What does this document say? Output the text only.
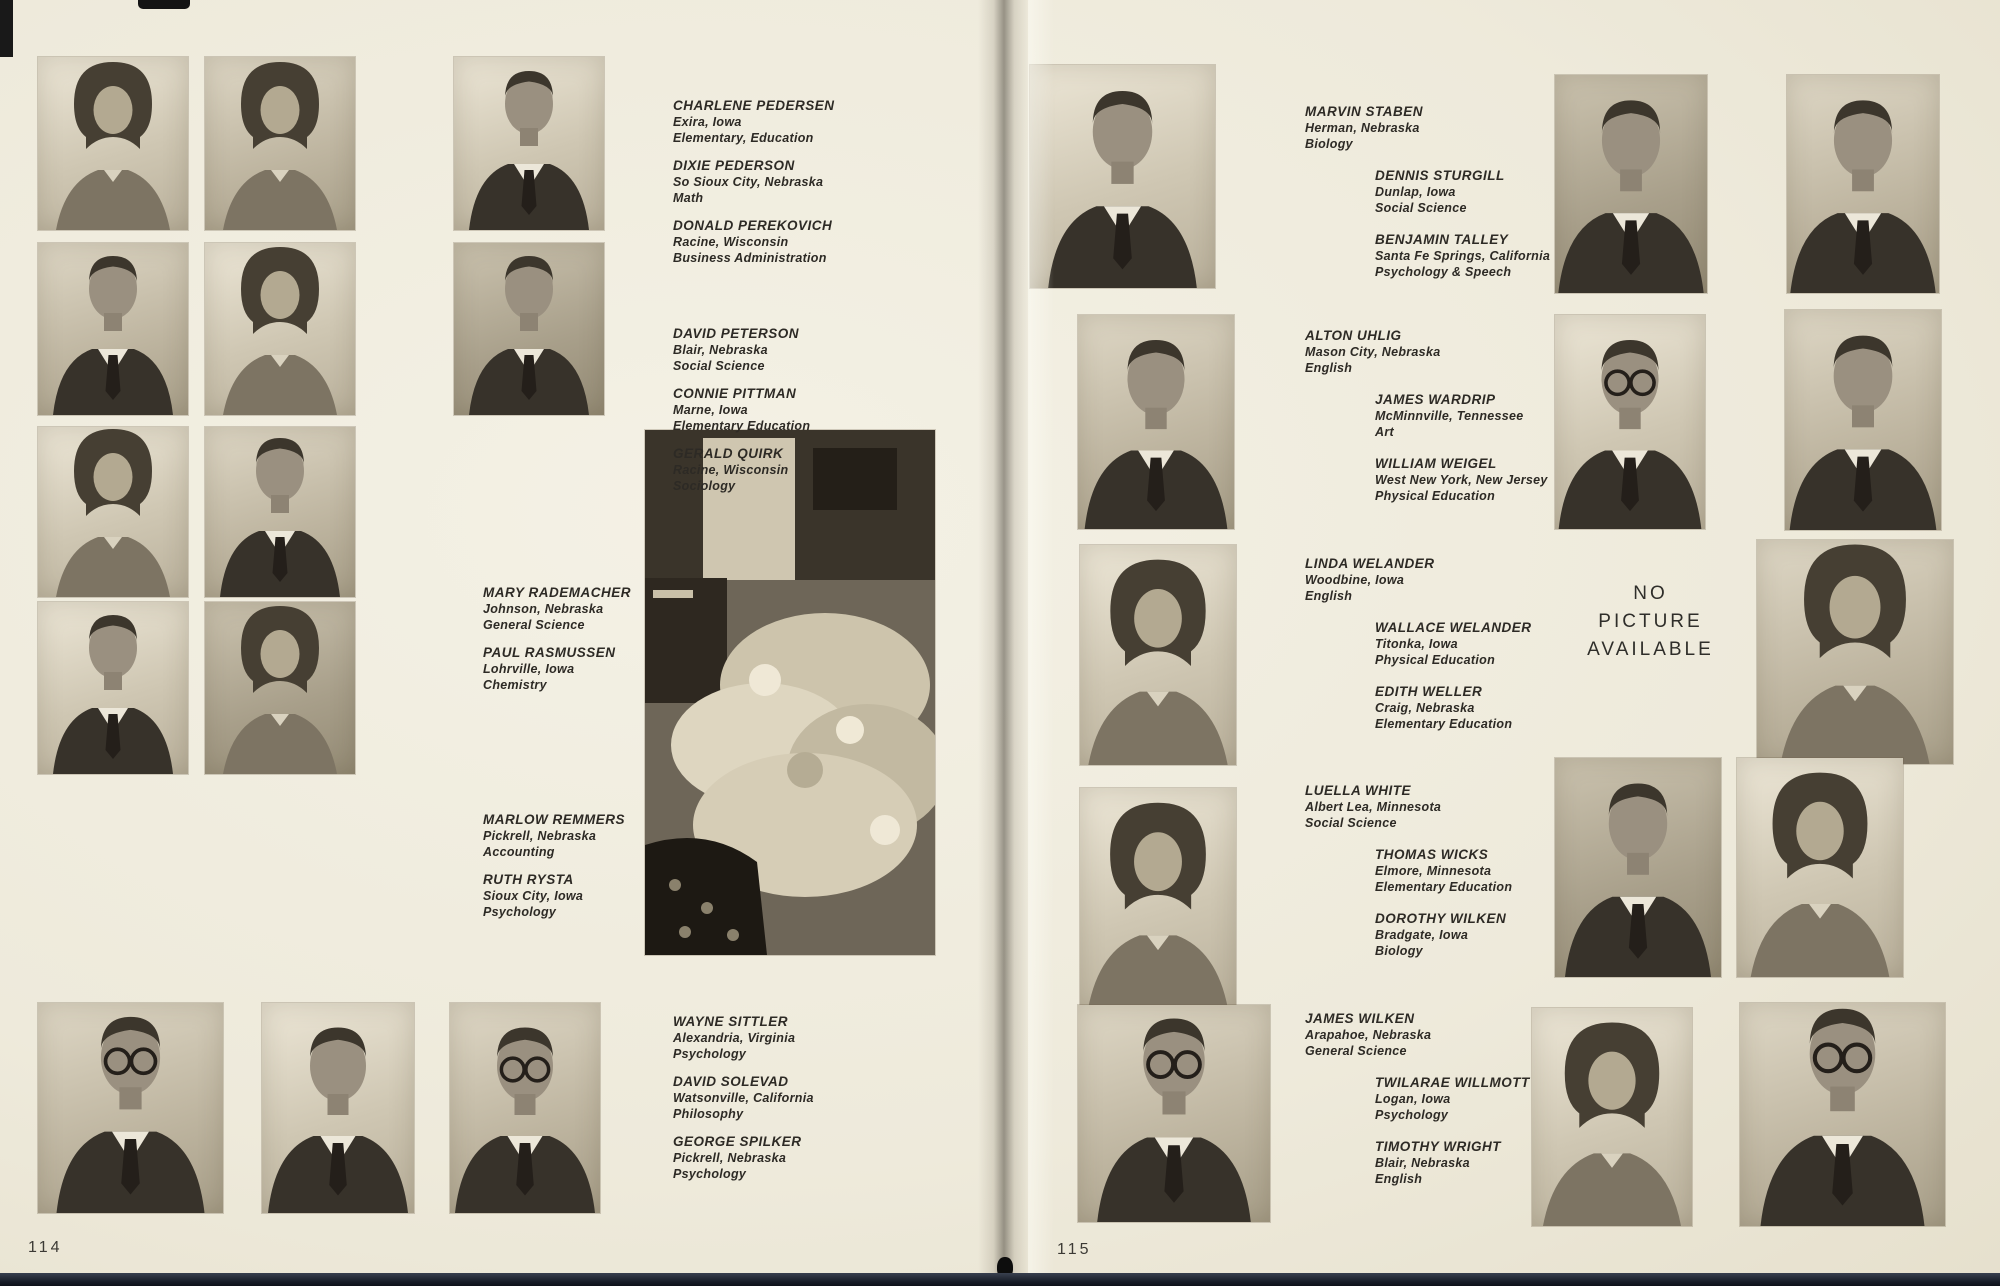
CHARLENE PEDERSEN
Exira, Iowa
Elementary, Education
DIXIE PEDERSON
So Sioux City, Nebraska
Math
DONALD PEREKOVICH
Racine, Wisconsin
Business Administration
DAVID PETERSON
Blair, Nebraska
Social Science
CONNIE PITTMAN
Marne, Iowa
Elementary Education
GERALD QUIRK
Racine, Wisconsin
Sociology
MARY RADEMACHER
Johnson, Nebraska
General Science
PAUL RASMUSSEN
Lohrville, Iowa
Chemistry
MARLOW REMMERS
Pickrell, Nebraska
Accounting
RUTH RYSTA
Sioux City, Iowa
Psychology
WAYNE SITTLER
Alexandria, Virginia
Psychology
DAVID SOLEVAD
Watsonville, California
Philosophy
GEORGE SPILKER
Pickrell, Nebraska
Psychology
114
NO
PICTURE
AVAILABLE
MARVIN STABEN
Herman, Nebraska
Biology
DENNIS STURGILL
Dunlap, Iowa
Social Science
BENJAMIN TALLEY
Santa Fe Springs, California
Psychology & Speech
ALTON UHLIG
Mason City, Nebraska
English
JAMES WARDRIP
McMinnville, Tennessee
Art
WILLIAM WEIGEL
West New York, New Jersey
Physical Education
LINDA WELANDER
Woodbine, Iowa
English
WALLACE WELANDER
Titonka, Iowa
Physical Education
EDITH WELLER
Craig, Nebraska
Elementary Education
LUELLA WHITE
Albert Lea, Minnesota
Social Science
THOMAS WICKS
Elmore, Minnesota
Elementary Education
DOROTHY WILKEN
Bradgate, Iowa
Biology
JAMES WILKEN
Arapahoe, Nebraska
General Science
TWILARAE WILLMOTT
Logan, Iowa
Psychology
TIMOTHY WRIGHT
Blair, Nebraska
English
115
